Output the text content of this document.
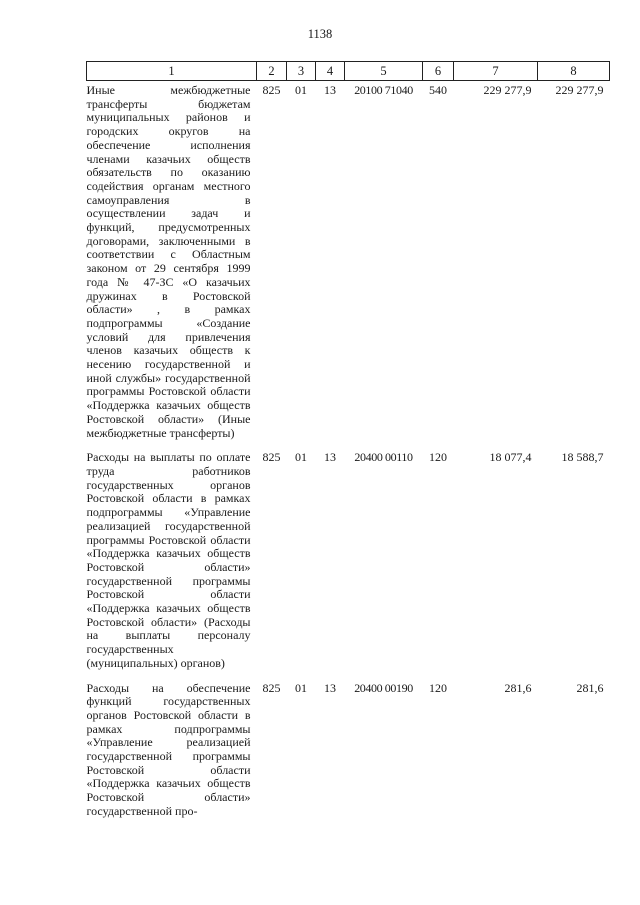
1138
1	2	3	4	5	6	7	8
Иные межбюджетные трансферты бюджетам муниципальных районов и городских округов на обеспечение исполнения членами казачьих обществ обязательств по оказанию содействия органам местного самоуправления в осуществлении задач и функций, предусмотренных договорами, заключенными в соответствии с Областным законом от 29 сентября 1999 года № 47-ЗС «О казачьих дружинах в Ростовской области» , в рамках подпрограммы «Создание условий для привлечения членов казачьих обществ к несению государственной и иной службы» государственной программы Ростовской области «Поддержка казачьих обществ Ростовской области» (Иные межбюджетные трансферты)	825	01	13	20100 71040	540	229 277,9	229 277,9
Расходы на выплаты по оплате труда работников государственных органов Ростовской области в рамках подпрограммы «Управление реализацией государственной программы Ростовской области «Поддержка казачьих обществ Ростовской области» государственной программы Ростовской области «Поддержка казачьих обществ Ростовской области» (Расходы на выплаты персоналу государственных (муниципальных) органов)	825	01	13	20400 00110	120	18 077,4	18 588,7
Расходы на обеспечение функций государственных органов Ростовской области в рамках подпрограммы «Управление реализацией государственной программы Ростовской области «Поддержка казачьих обществ Ростовской области» государственной про-	825	01	13	20400 00190	120	281,6	281,6
